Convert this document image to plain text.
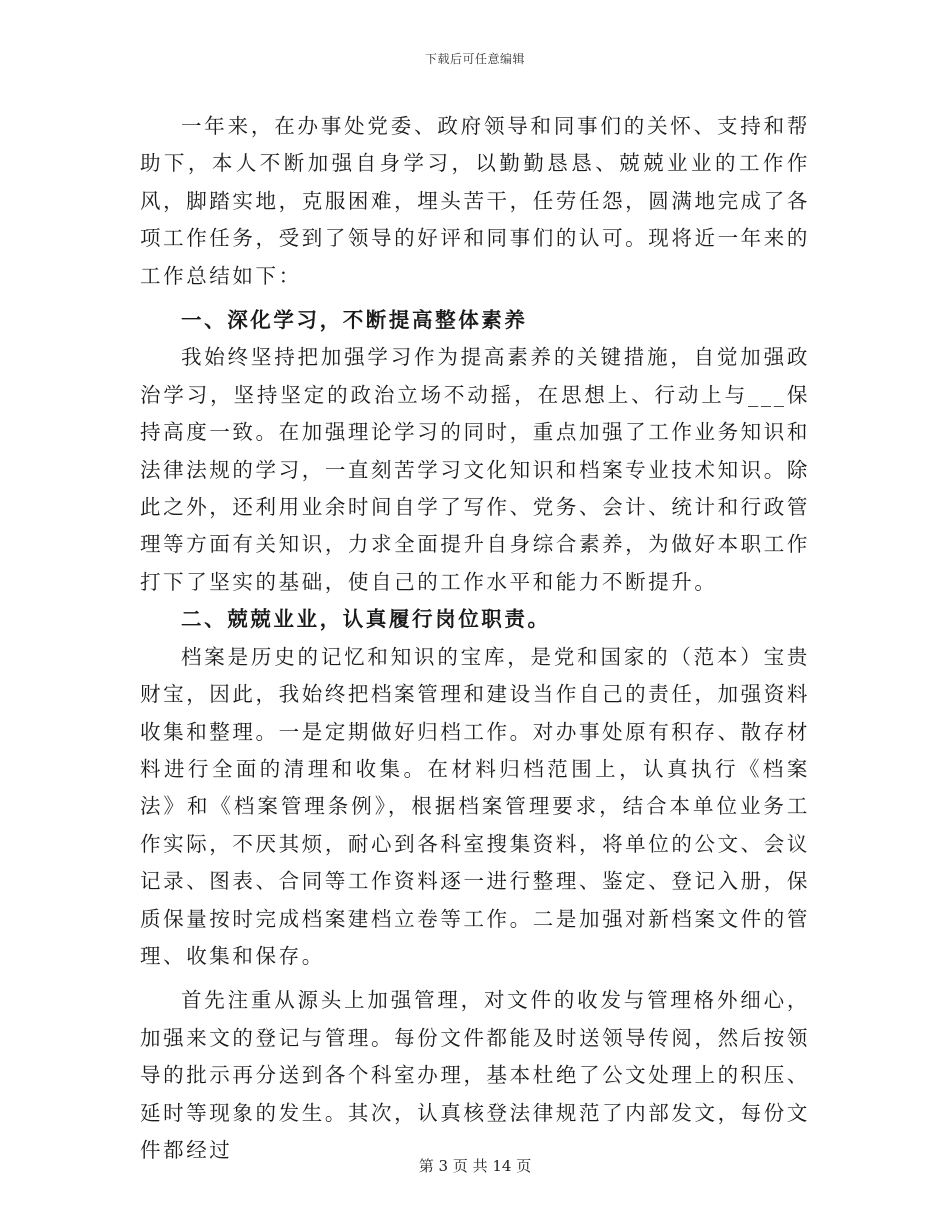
下载后可任意编辑

一年来，在办事处党委、政府领导和同事们的关怀、支持和帮助下，本人不断加强自身学习，以勤勤恳恳、兢兢业业的工作作风，脚踏实地，克服困难，埋头苦干，任劳任怨，圆满地完成了各项工作任务，受到了领导的好评和同事们的认可。现将近一年来的工作总结如下：

一、深化学习，不断提高整体素养

我始终坚持把加强学习作为提高素养的关键措施，自觉加强政治学习，坚持坚定的政治立场不动摇，在思想上、行动上与___保持高度一致。在加强理论学习的同时，重点加强了工作业务知识和法律法规的学习，一直刻苦学习文化知识和档案专业技术知识。除此之外，还利用业余时间自学了写作、党务、会计、统计和行政管理等方面有关知识，力求全面提升自身综合素养，为做好本职工作打下了坚实的基础，使自己的工作水平和能力不断提升。

二、兢兢业业，认真履行岗位职责。

档案是历史的记忆和知识的宝库，是党和国家的（范本）宝贵财宝，因此，我始终把档案管理和建设当作自己的责任，加强资料收集和整理。一是定期做好归档工作。对办事处原有积存、散存材料进行全面的清理和收集。在材料归档范围上，认真执行《档案法》和《档案管理条例》，根据档案管理要求，结合本单位业务工作实际，不厌其烦，耐心到各科室搜集资料，将单位的公文、会议记录、图表、合同等工作资料逐一进行整理、鉴定、登记入册，保质保量按时完成档案建档立卷等工作。二是加强对新档案文件的管理、收集和保存。

首先注重从源头上加强管理，对文件的收发与管理格外细心，加强来文的登记与管理。每份文件都能及时送领导传阅，然后按领导的批示再分送到各个科室办理，基本杜绝了公文处理上的积压、延时等现象的发生。其次，认真核登法律规范了内部发文，每份文件都经过

第 3 页 共 14 页
